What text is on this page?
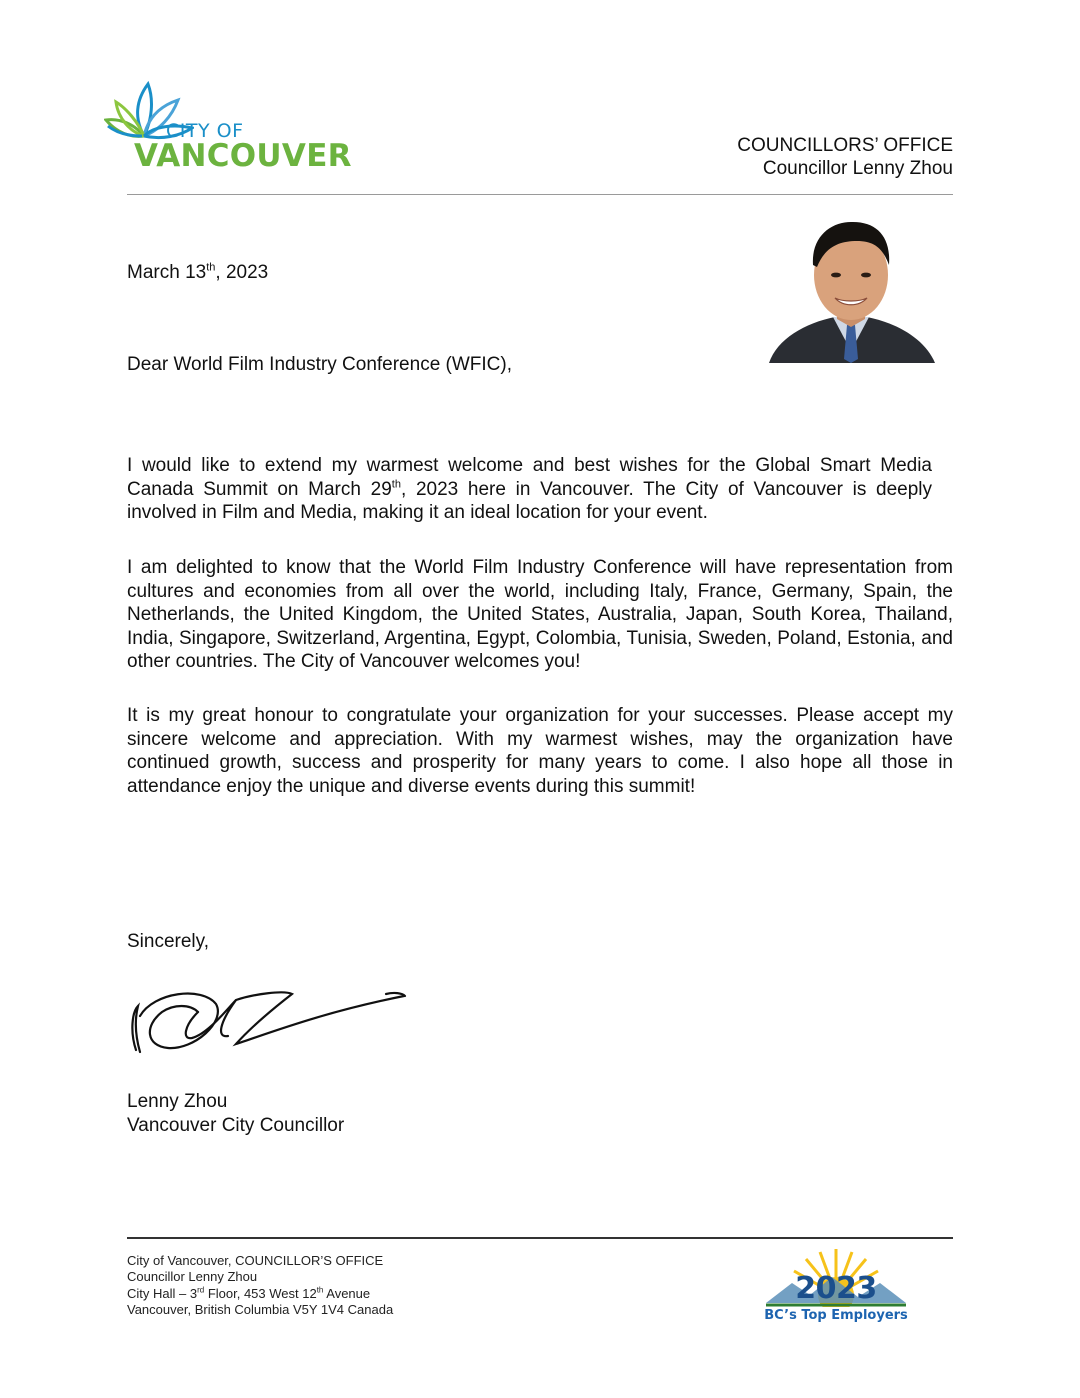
CITY OF
VANCOUVER	COUNCILLORS’ OFFICE
Councillor Lenny Zhou
March 13th, 2023
Dear World Film Industry Conference (WFIC),

I would like to extend my warmest welcome and best wishes for the Global Smart Media Canada Summit on March 29th, 2023 here in Vancouver. The City of Vancouver is deeply involved in Film and Media, making it an ideal location for your event.

I am delighted to know that the World Film Industry Conference will have representation from cultures and economies from all over the world, including Italy, France, Germany, Spain, the Netherlands, the United Kingdom, the United States, Australia, Japan, South Korea, Thailand, India, Singapore, Switzerland, Argentina, Egypt, Colombia, Tunisia, Sweden, Poland, Estonia, and other countries. The City of Vancouver welcomes you!

It is my great honour to congratulate your organization for your successes. Please accept my sincere welcome and appreciation. With my warmest wishes, may the organization have continued growth, success and prosperity for many years to come. I also hope all those in attendance enjoy the unique and diverse events during this summit!

Sincerely,
Lenny Zhou
Vancouver City Councillor
City of Vancouver, COUNCILLOR’S OFFICE
Councillor Lenny Zhou
City Hall – 3rd Floor, 453 West 12th Avenue
Vancouver, British Columbia V5Y 1V4 Canada
2023
BC’s Top Employers
